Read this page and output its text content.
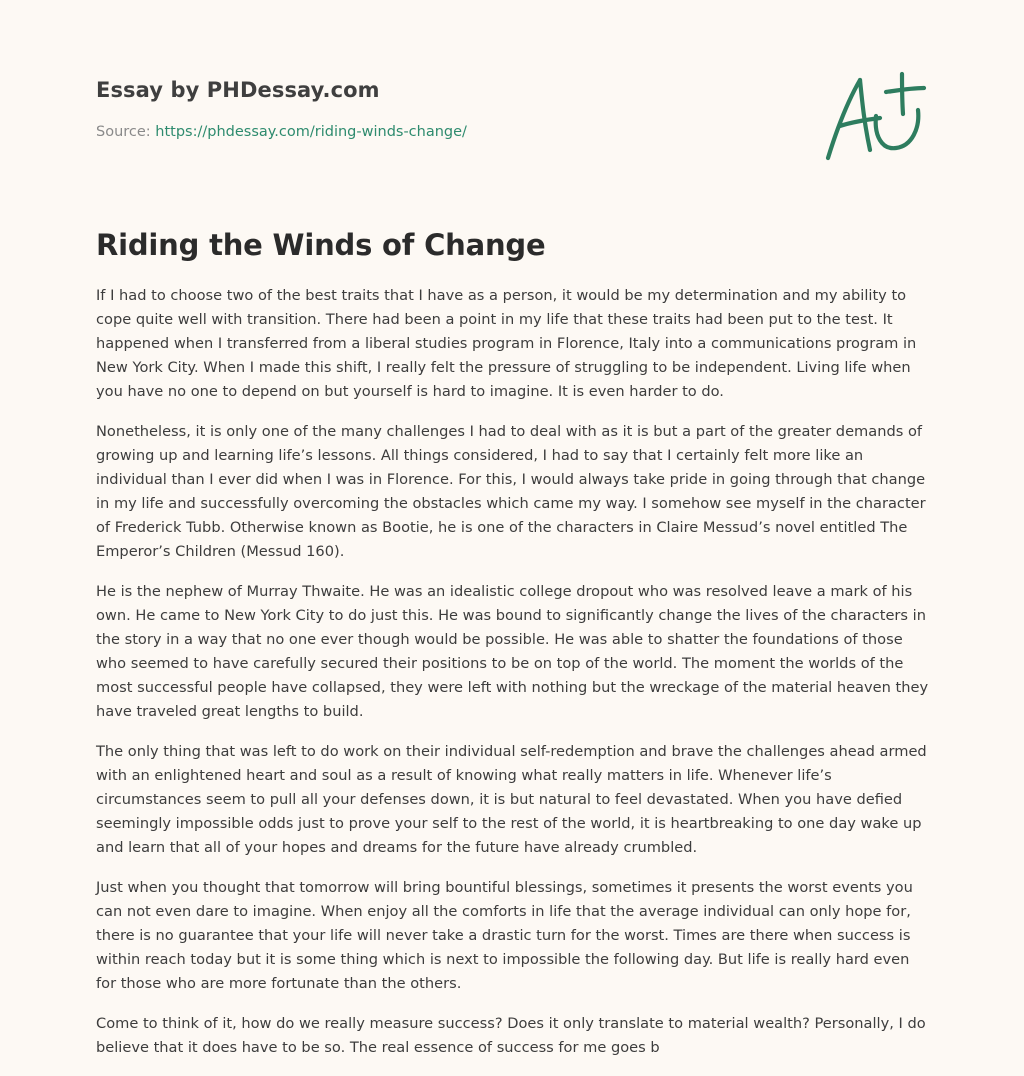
Essay by PHDessay.com
Source: https://phdessay.com/riding-winds-change/
Riding the Winds of Change

If I had to choose two of the best traits that I have as a person, it would be my determination and my ability to cope quite well with transition. There had been a point in my life that these traits had been put to the test. It happened when I transferred from a liberal studies program in Florence, Italy into a communications program in New York City. When I made this shift, I really felt the pressure of struggling to be independent. Living life when you have no one to depend on but yourself is hard to imagine. It is even harder to do.

Nonetheless, it is only one of the many challenges I had to deal with as it is but a part of the greater demands of growing up and learning life’s lessons. All things considered, I had to say that I certainly felt more like an individual than I ever did when I was in Florence. For this, I would always take pride in going through that change in my life and successfully overcoming the obstacles which came my way. I somehow see myself in the character of Frederick Tubb. Otherwise known as Bootie, he is one of the characters in Claire Messud’s novel entitled The Emperor’s Children (Messud 160).

He is the nephew of Murray Thwaite. He was an idealistic college dropout who was resolved leave a mark of his own. He came to New York City to do just this. He was bound to significantly change the lives of the characters in the story in a way that no one ever though would be possible. He was able to shatter the foundations of those who seemed to have carefully secured their positions to be on top of the world. The moment the worlds of the most successful people have collapsed, they were left with nothing but the wreckage of the material heaven they have traveled great lengths to build.

The only thing that was left to do work on their individual self-redemption and brave the challenges ahead armed with an enlightened heart and soul as a result of knowing what really matters in life. Whenever life’s circumstances seem to pull all your defenses down, it is but natural to feel devastated. When you have defied seemingly impossible odds just to prove your self to the rest of the world, it is heartbreaking to one day wake up and learn that all of your hopes and dreams for the future have already crumbled.

Just when you thought that tomorrow will bring bountiful blessings, sometimes it presents the worst events you can not even dare to imagine. When enjoy all the comforts in life that the average individual can only hope for, there is no guarantee that your life will never take a drastic turn for the worst. Times are there when success is within reach today but it is some thing which is next to impossible the following day. But life is really hard even for those who are more fortunate than the others.

Come to think of it, how do we really measure success? Does it only translate to material wealth? Personally, I do believe that it does have to be so. The real essence of success for me goes b
